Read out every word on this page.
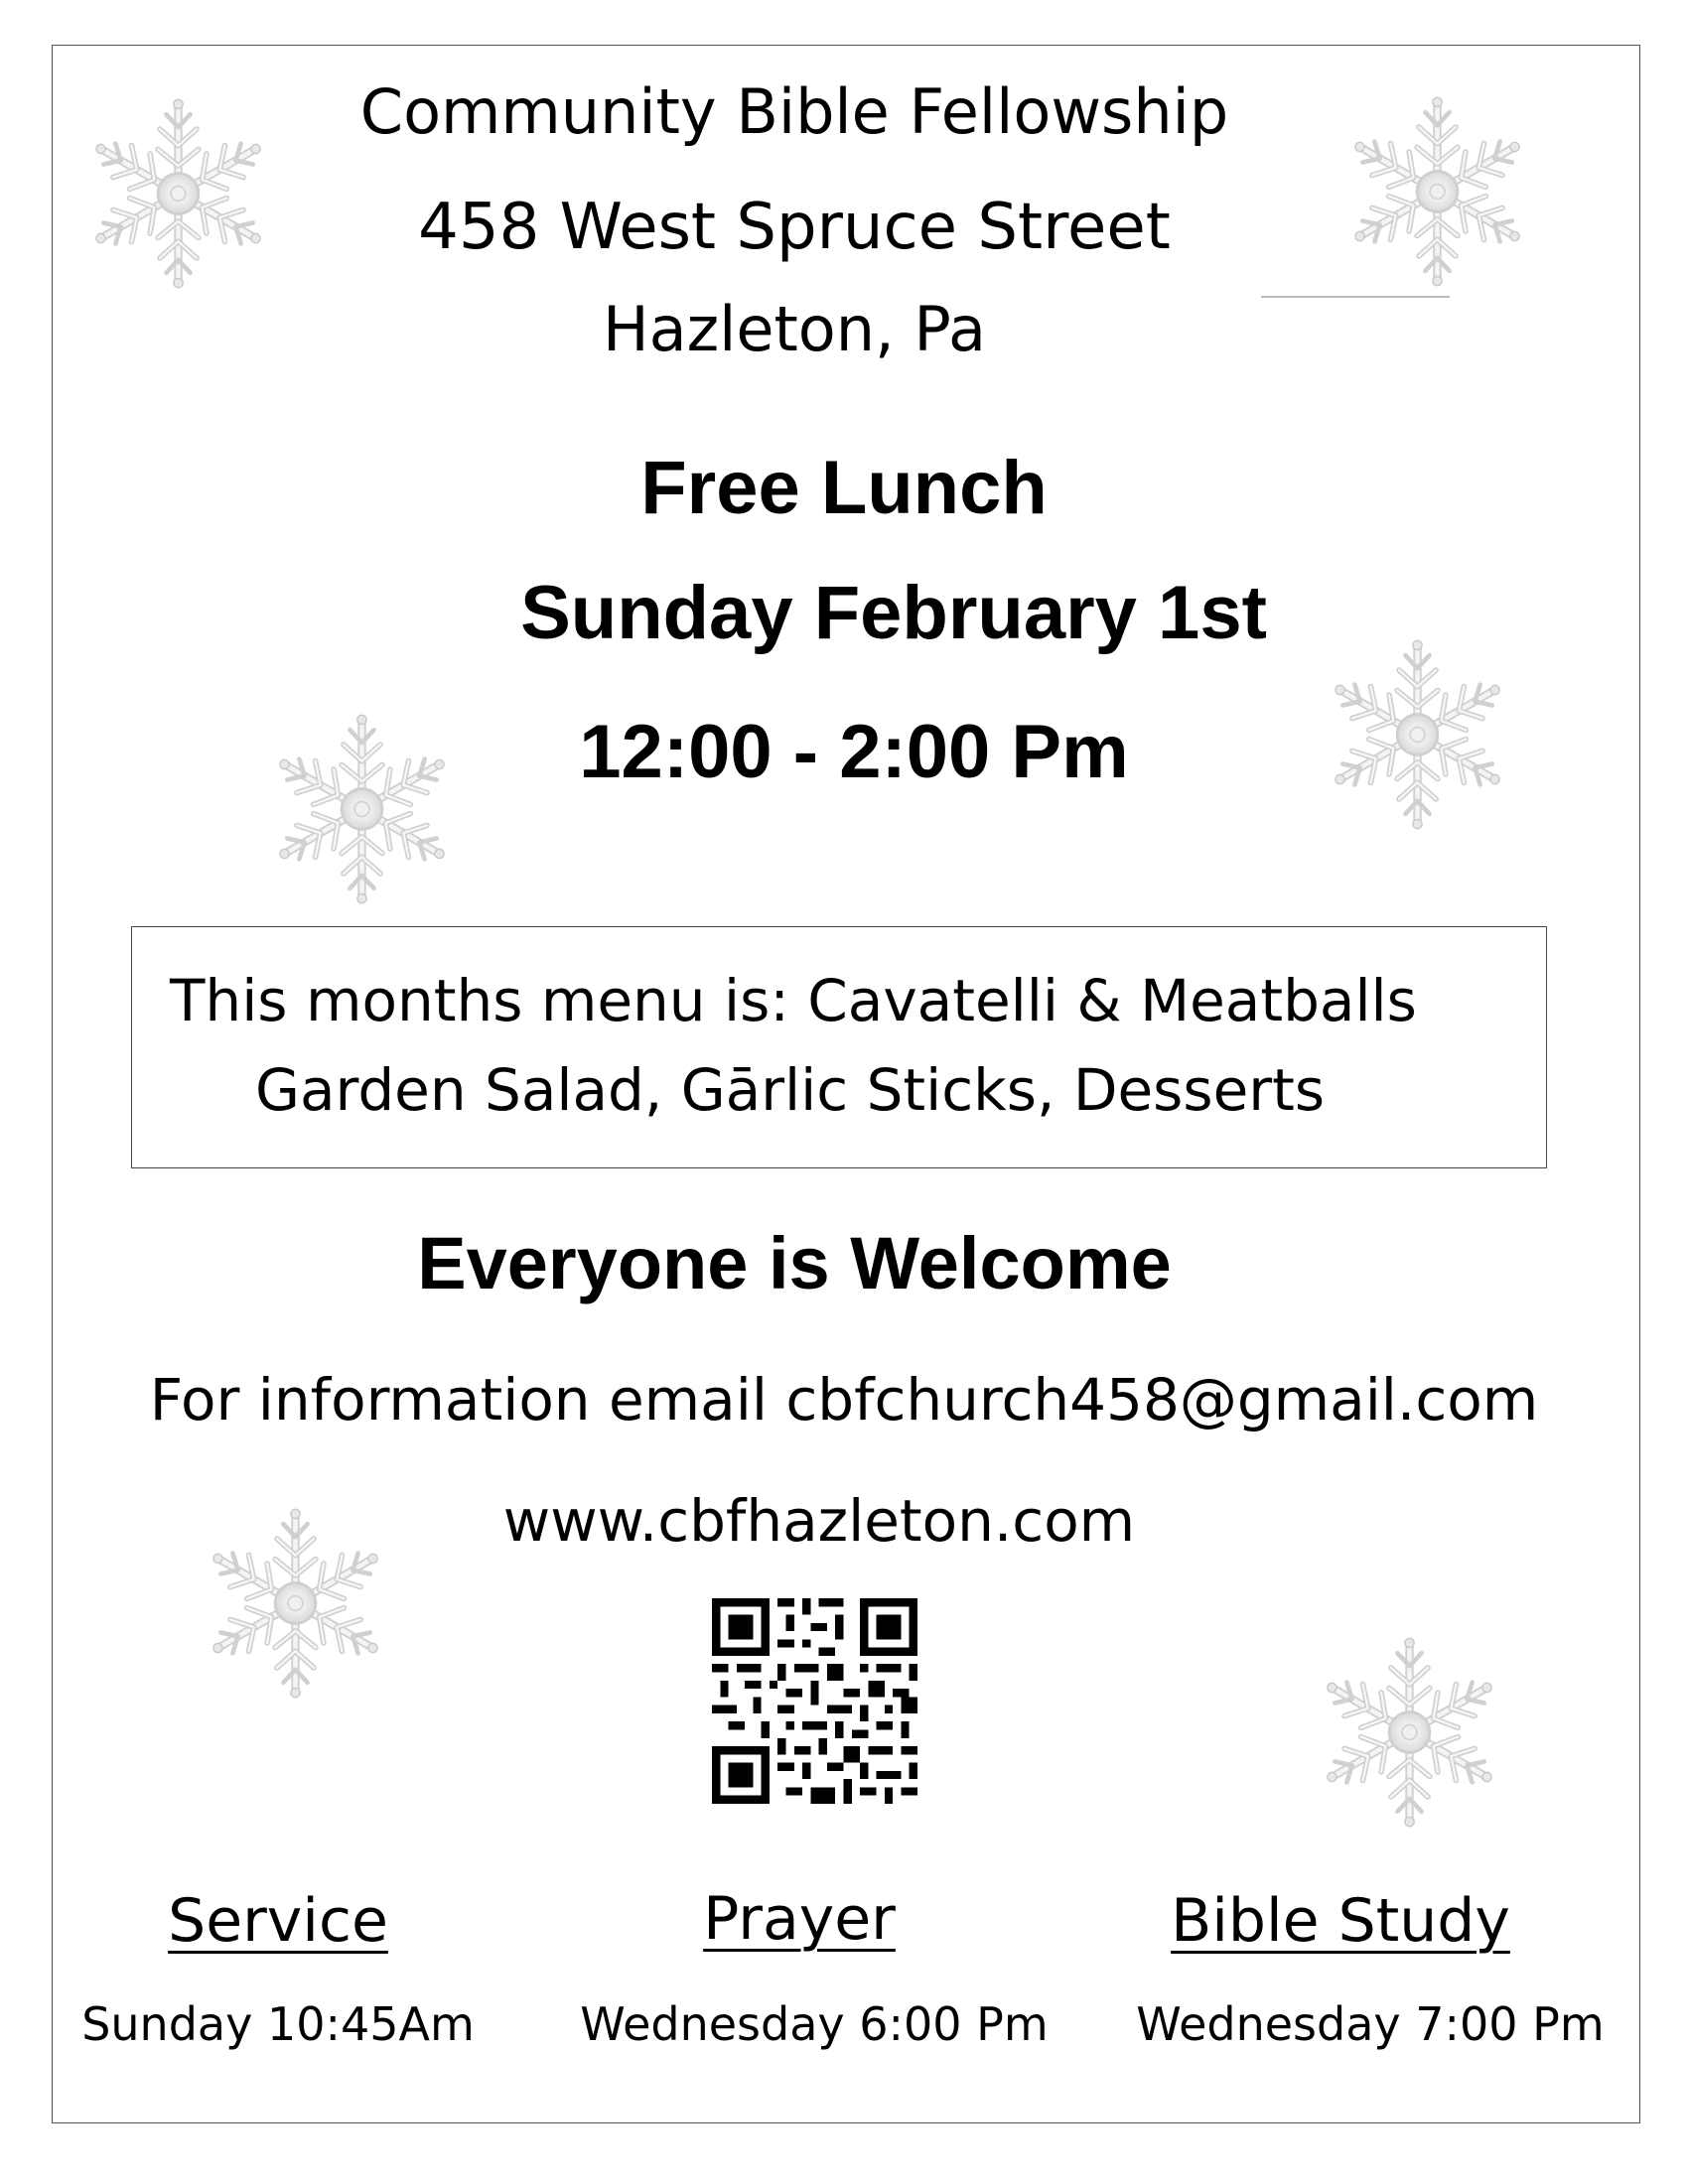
Community Bible Fellowship
458 West Spruce Street
Hazleton, Pa
Free Lunch
Sunday February 1st
12:00 - 2:00 Pm
This months menu is: Cavatelli & Meatballs
Garden Salad, Gārlic Sticks, Desserts
Everyone is Welcome
For information email cbfchurch458@gmail.com
www.cbfhazleton.com
Service	Prayer	Bible Study
Sunday 10:45Am Wednesday 6:00 Pm Wednesday 7:00 Pm
